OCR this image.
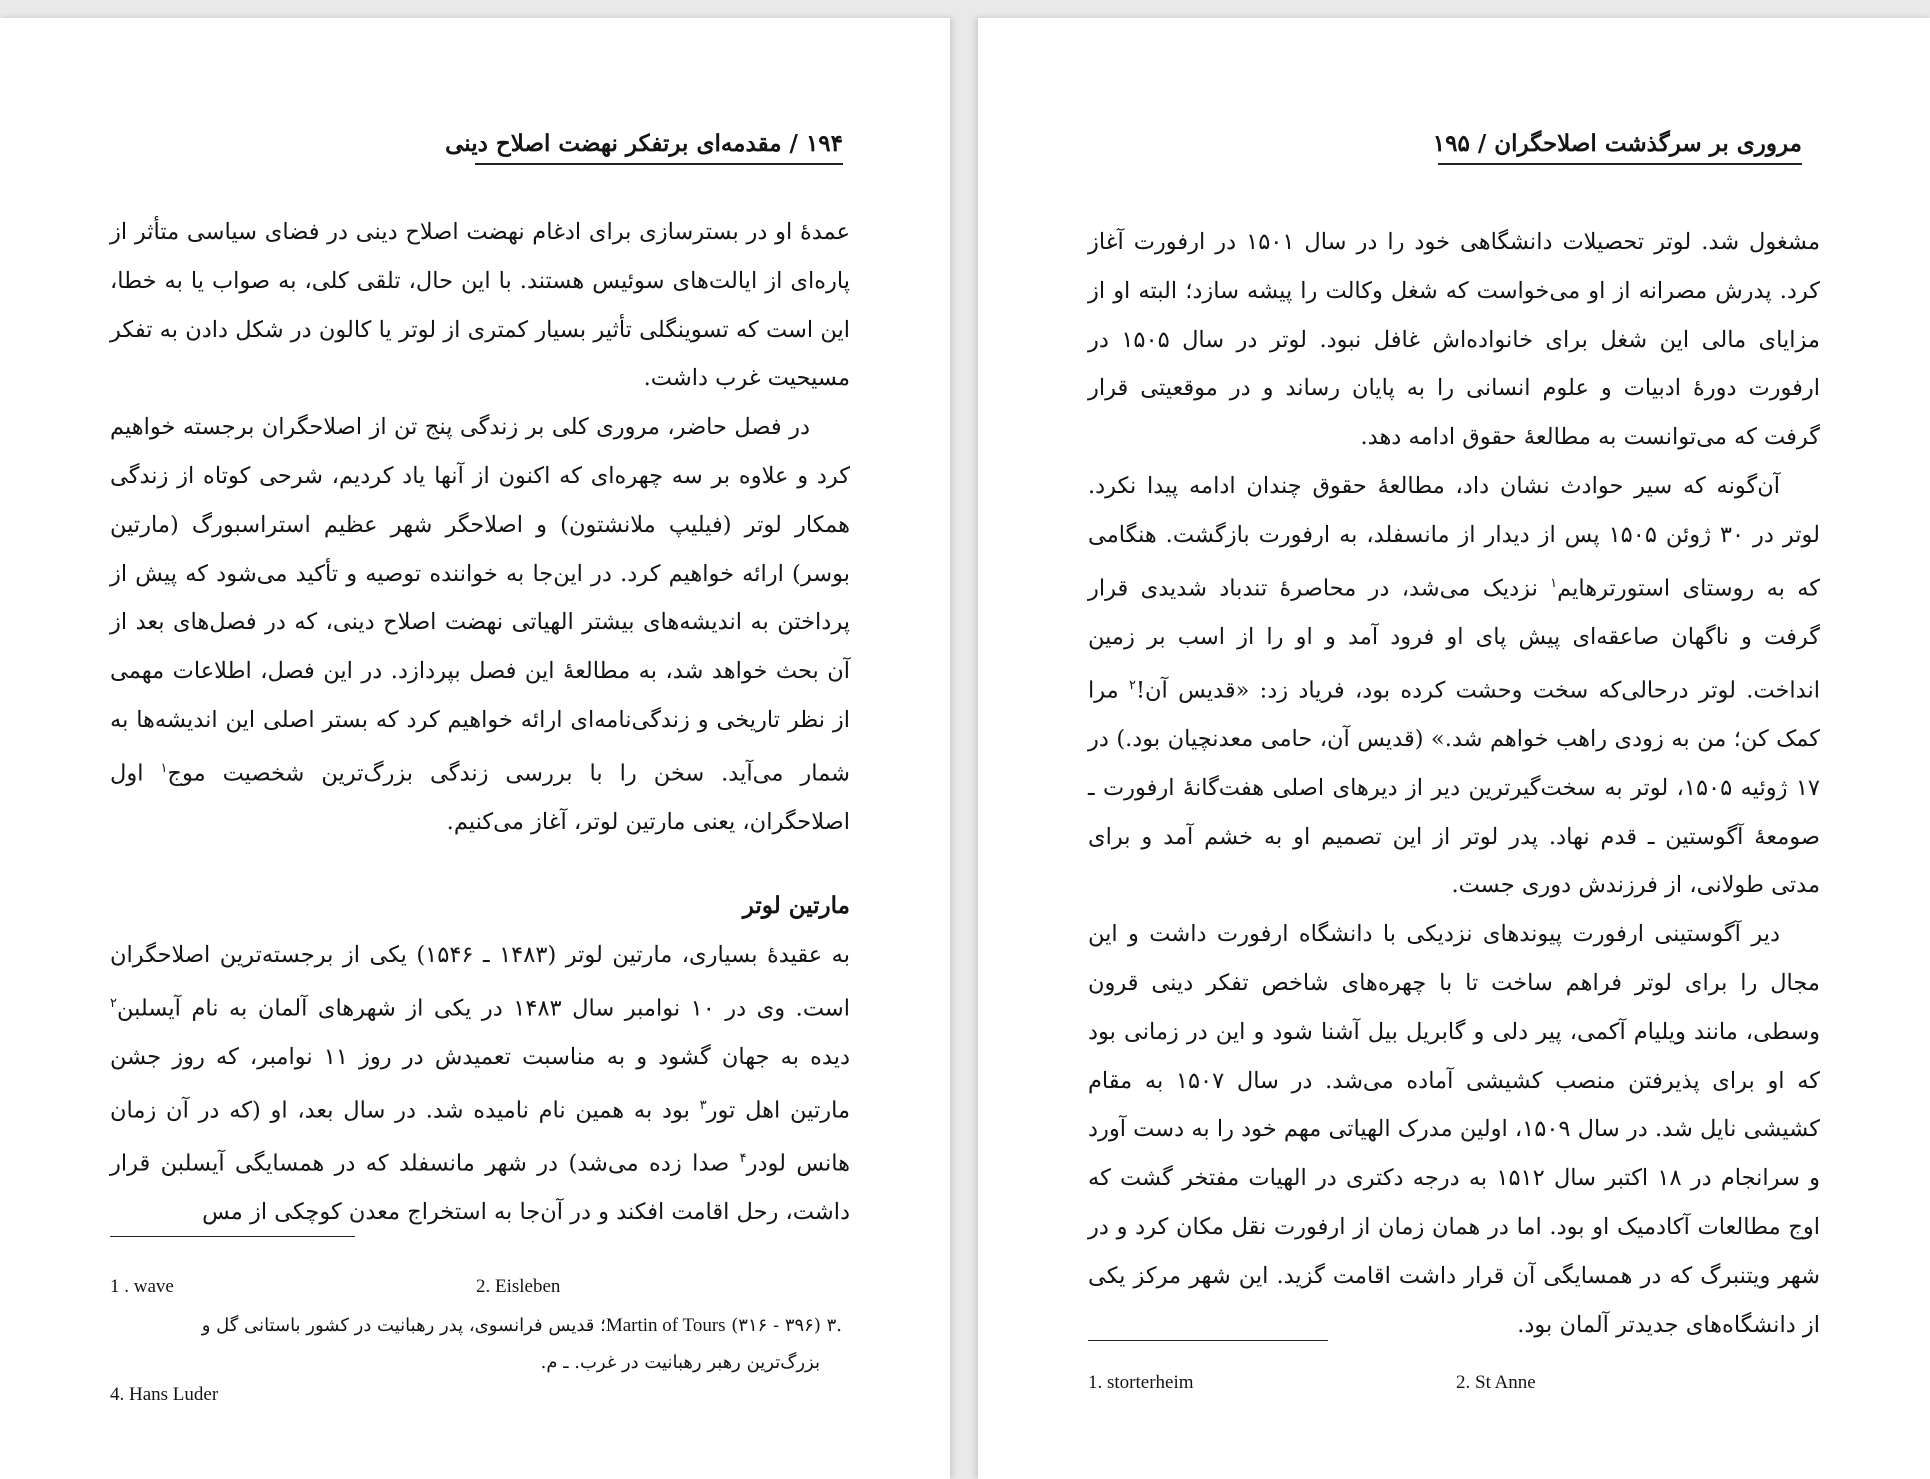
۱۹۴ / مقدمه‌ای برتفکر نهضت اصلاح دینی

عمدهٔ او در بسترسازی برای ادغام نهضت اصلاح دینی در فضای سیاسی متأثر از پاره‌ای از ایالت‌های سوئیس هستند. با این حال، تلقی کلی، به صواب یا به خطا، این است که تسوینگلی تأثیر بسیار کمتری از لوتر یا کالون در شکل دادن به تفکر مسیحیت غرب داشت.

در فصل حاضر، مروری کلی بر زندگی پنج تن از اصلاحگران برجسته خواهیم کرد و علاوه بر سه چهره‌ای که اکنون از آنها یاد کردیم، شرحی کوتاه از زندگی همکار لوتر (فیلیپ ملانشتون) و اصلاحگر شهر عظیم استراسبورگ (مارتین بوسر) ارائه خواهیم کرد. در این‌جا به خواننده توصیه و تأکید می‌شود که پیش از پرداختن به اندیشه‌های بیشتر الهیاتی نهضت اصلاح دینی، که در فصل‌های بعد از آن بحث خواهد شد، به مطالعهٔ این فصل بپردازد. در این فصل، اطلاعات مهمی از نظر تاریخی و زندگی‌نامه‌ای ارائه خواهیم کرد که بستر اصلی این اندیشه‌ها به شمار می‌آید. سخن را با بررسی زندگی بزرگ‌ترین شخصیت موج$^۱$ اول اصلاحگران، یعنی مارتین لوتر، آغاز می‌کنیم.

مارتین لوتر

به عقیدهٔ بسیاری، مارتین لوتر (۱۴۸۳ ـ ۱۵۴۶) یکی از برجسته‌ترین اصلاحگران است. وی در ۱۰ نوامبر سال ۱۴۸۳ در یکی از شهرهای آلمان به نام آیسلبن$^۲$ دیده به جهان گشود و به مناسبت تعمیدش در روز ۱۱ نوامبر، که روز جشن مارتین اهل تور$^۳$ بود به همین نام نامیده شد. در سال بعد، او (که در آن زمان هانس لودر$^۴$ صدا زده می‌شد) در شهر مانسفلد که در همسایگی آیسلبن قرار داشت، رحل اقامت افکند و در آن‌جا به استخراج معدن کوچکی از مس

1 . wave	2. Eisleben
.۳ Martin of Tours (۳۱۶ - ۳۹۶)؛ قدیس فرانسوی، پدر رهبانیت در کشور باستانی گل و
بزرگ‌ترین رهبر رهبانیت در غرب. ـ م.
4. Hans Luder
مروری بر سرگذشت اصلاحگران / ۱۹۵

مشغول شد. لوتر تحصیلات دانشگاهی خود را در سال ۱۵۰۱ در ارفورت آغاز کرد. پدرش مصرانه از او می‌خواست که شغل وکالت را پیشه سازد؛ البته او از مزایای مالی این شغل برای خانواده‌اش غافل نبود. لوتر در سال ۱۵۰۵ در ارفورت دورهٔ ادبیات و علوم انسانی را به پایان رساند و در موقعیتی قرار گرفت که می‌توانست به مطالعهٔ حقوق ادامه دهد.

آن‌گونه که سیر حوادث نشان داد، مطالعهٔ حقوق چندان ادامه پیدا نکرد. لوتر در ۳۰ ژوئن ۱۵۰۵ پس از دیدار از مانسفلد، به ارفورت بازگشت. هنگامی که به روستای استورترهایم$^۱$ نزدیک می‌شد، در محاصرهٔ تندباد شدیدی قرار گرفت و ناگهان صاعقه‌ای پیش پای او فرود آمد و او را از اسب بر زمین انداخت. لوتر درحالی‌که سخت وحشت کرده بود، فریاد زد: «قدیس آن!$^۲$ مرا کمک کن؛ من به زودی راهب خواهم شد.» (قدیس آن، حامی معدنچیان بود.) در ۱۷ ژوئیه ۱۵۰۵، لوتر به سخت‌گیرترین دیر از دیرهای اصلی هفت‌گانهٔ ارفورت ـ صومعهٔ آگوستین ـ قدم نهاد. پدر لوتر از این تصمیم او به خشم آمد و برای مدتی طولانی، از فرزندش دوری جست.

دیر آگوستینی ارفورت پیوندهای نزدیکی با دانشگاه ارفورت داشت و این مجال را برای لوتر فراهم ساخت تا با چهره‌های شاخص تفکر دینی قرون وسطی، مانند ویلیام آکمی، پیر دلی و گابریل بیل آشنا شود و این در زمانی بود که او برای پذیرفتن منصب کشیشی آماده می‌شد. در سال ۱۵۰۷ به مقام کشیشی نایل شد. در سال ۱۵۰۹، اولین مدرک الهیاتی مهم خود را به دست آورد و سرانجام در ۱۸ اکتبر سال ۱۵۱۲ به درجه دکتری در الهیات مفتخر گشت که اوج مطالعات آکادمیک او بود. اما در همان زمان از ارفورت نقل مکان کرد و در شهر ویتنبرگ که در همسایگی آن قرار داشت اقامت گزید. این شهر مرکز یکی از دانشگاه‌های جدیدتر آلمان بود.

1. storterheim	2. St Anne
